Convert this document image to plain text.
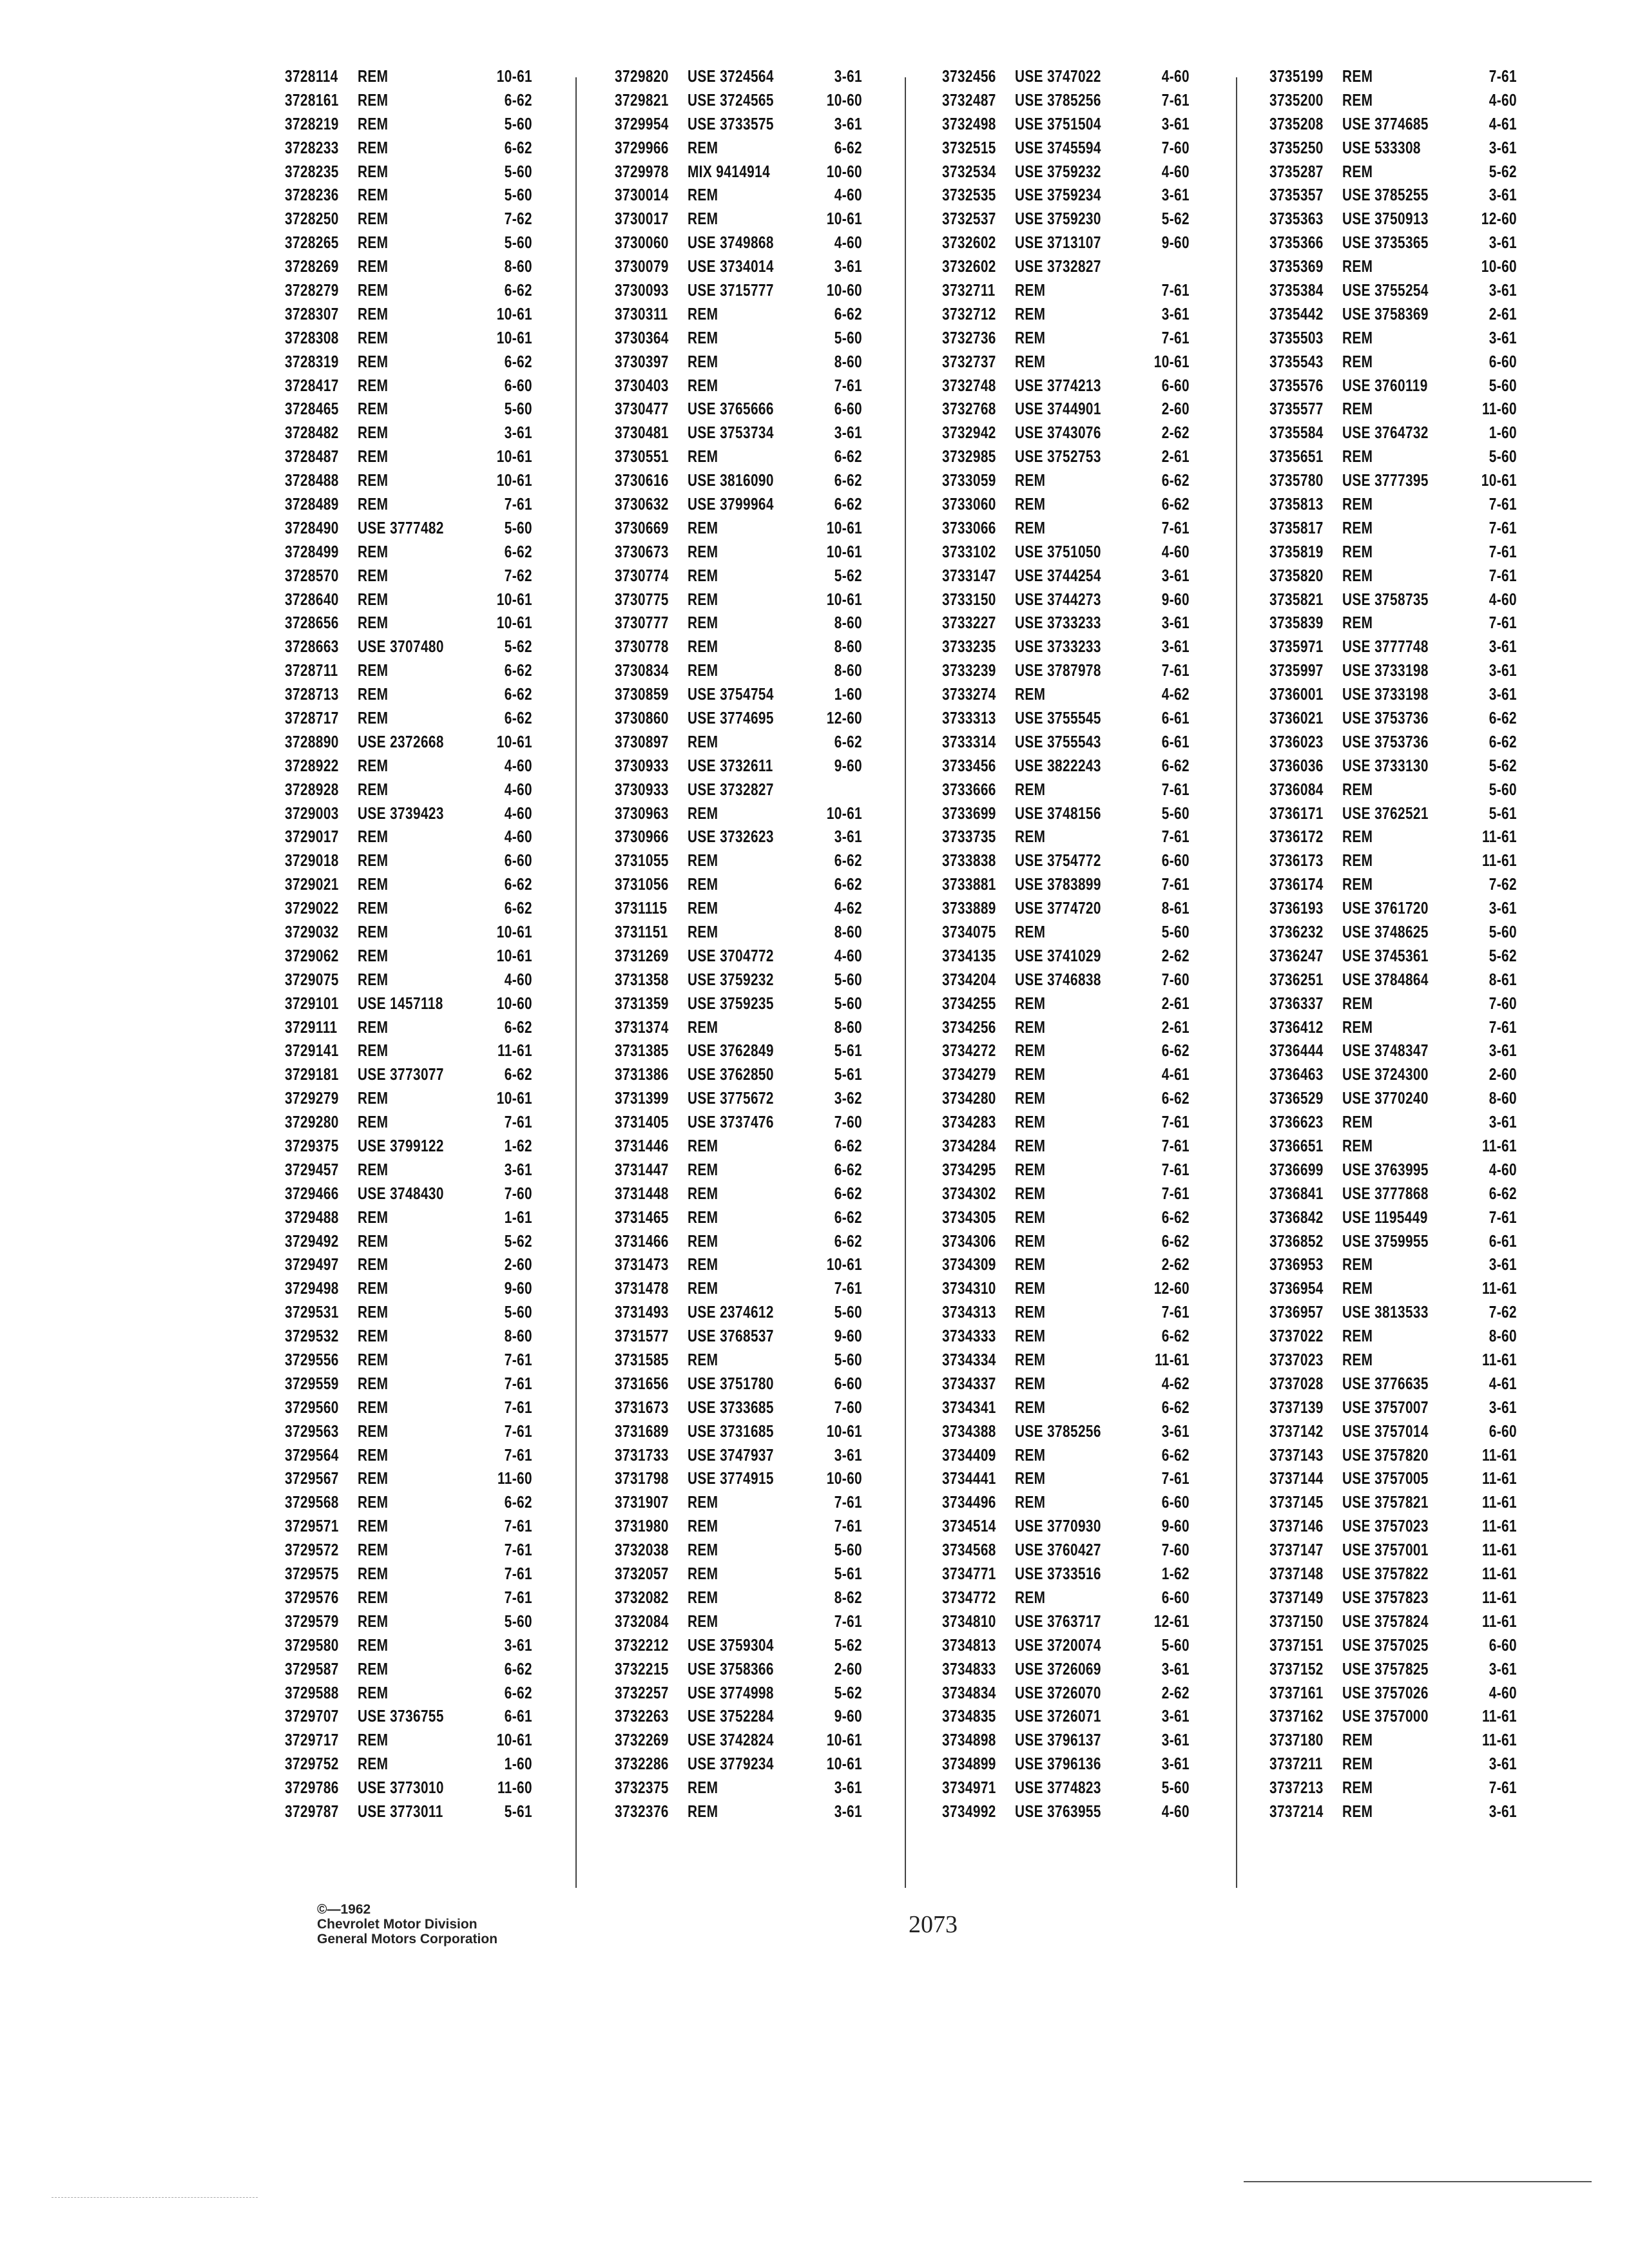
3728114	REM	10-61
3728161	REM	6-62
3728219	REM	5-60
3728233	REM	6-62
3728235	REM	5-60
3728236	REM	5-60
3728250	REM	7-62
3728265	REM	5-60
3728269	REM	8-60
3728279	REM	6-62
3728307	REM	10-61
3728308	REM	10-61
3728319	REM	6-62
3728417	REM	6-60
3728465	REM	5-60
3728482	REM	3-61
3728487	REM	10-61
3728488	REM	10-61
3728489	REM	7-61
3728490	USE 3777482	5-60
3728499	REM	6-62
3728570	REM	7-62
3728640	REM	10-61
3728656	REM	10-61
3728663	USE 3707480	5-62
3728711	REM	6-62
3728713	REM	6-62
3728717	REM	6-62
3728890	USE 2372668	10-61
3728922	REM	4-60
3728928	REM	4-60
3729003	USE 3739423	4-60
3729017	REM	4-60
3729018	REM	6-60
3729021	REM	6-62
3729022	REM	6-62
3729032	REM	10-61
3729062	REM	10-61
3729075	REM	4-60
3729101	USE 1457118	10-60
3729111	REM	6-62
3729141	REM	11-61
3729181	USE 3773077	6-62
3729279	REM	10-61
3729280	REM	7-61
3729375	USE 3799122	1-62
3729457	REM	3-61
3729466	USE 3748430	7-60
3729488	REM	1-61
3729492	REM	5-62
3729497	REM	2-60
3729498	REM	9-60
3729531	REM	5-60
3729532	REM	8-60
3729556	REM	7-61
3729559	REM	7-61
3729560	REM	7-61
3729563	REM	7-61
3729564	REM	7-61
3729567	REM	11-60
3729568	REM	6-62
3729571	REM	7-61
3729572	REM	7-61
3729575	REM	7-61
3729576	REM	7-61
3729579	REM	5-60
3729580	REM	3-61
3729587	REM	6-62
3729588	REM	6-62
3729707	USE 3736755	6-61
3729717	REM	10-61
3729752	REM	1-60
3729786	USE 3773010	11-60
3729787	USE 3773011	5-61
3729820	USE 3724564	3-61
3729821	USE 3724565	10-60
3729954	USE 3733575	3-61
3729966	REM	6-62
3729978	MIX 9414914	10-60
3730014	REM	4-60
3730017	REM	10-61
3730060	USE 3749868	4-60
3730079	USE 3734014	3-61
3730093	USE 3715777	10-60
3730311	REM	6-62
3730364	REM	5-60
3730397	REM	8-60
3730403	REM	7-61
3730477	USE 3765666	6-60
3730481	USE 3753734	3-61
3730551	REM	6-62
3730616	USE 3816090	6-62
3730632	USE 3799964	6-62
3730669	REM	10-61
3730673	REM	10-61
3730774	REM	5-62
3730775	REM	10-61
3730777	REM	8-60
3730778	REM	8-60
3730834	REM	8-60
3730859	USE 3754754	1-60
3730860	USE 3774695	12-60
3730897	REM	6-62
3730933	USE 3732611	9-60
3730933	USE 3732827
3730963	REM	10-61
3730966	USE 3732623	3-61
3731055	REM	6-62
3731056	REM	6-62
3731115	REM	4-62
3731151	REM	8-60
3731269	USE 3704772	4-60
3731358	USE 3759232	5-60
3731359	USE 3759235	5-60
3731374	REM	8-60
3731385	USE 3762849	5-61
3731386	USE 3762850	5-61
3731399	USE 3775672	3-62
3731405	USE 3737476	7-60
3731446	REM	6-62
3731447	REM	6-62
3731448	REM	6-62
3731465	REM	6-62
3731466	REM	6-62
3731473	REM	10-61
3731478	REM	7-61
3731493	USE 2374612	5-60
3731577	USE 3768537	9-60
3731585	REM	5-60
3731656	USE 3751780	6-60
3731673	USE 3733685	7-60
3731689	USE 3731685	10-61
3731733	USE 3747937	3-61
3731798	USE 3774915	10-60
3731907	REM	7-61
3731980	REM	7-61
3732038	REM	5-60
3732057	REM	5-61
3732082	REM	8-62
3732084	REM	7-61
3732212	USE 3759304	5-62
3732215	USE 3758366	2-60
3732257	USE 3774998	5-62
3732263	USE 3752284	9-60
3732269	USE 3742824	10-61
3732286	USE 3779234	10-61
3732375	REM	3-61
3732376	REM	3-61
3732456	USE 3747022	4-60
3732487	USE 3785256	7-61
3732498	USE 3751504	3-61
3732515	USE 3745594	7-60
3732534	USE 3759232	4-60
3732535	USE 3759234	3-61
3732537	USE 3759230	5-62
3732602	USE 3713107	9-60
3732602	USE 3732827
3732711	REM	7-61
3732712	REM	3-61
3732736	REM	7-61
3732737	REM	10-61
3732748	USE 3774213	6-60
3732768	USE 3744901	2-60
3732942	USE 3743076	2-62
3732985	USE 3752753	2-61
3733059	REM	6-62
3733060	REM	6-62
3733066	REM	7-61
3733102	USE 3751050	4-60
3733147	USE 3744254	3-61
3733150	USE 3744273	9-60
3733227	USE 3733233	3-61
3733235	USE 3733233	3-61
3733239	USE 3787978	7-61
3733274	REM	4-62
3733313	USE 3755545	6-61
3733314	USE 3755543	6-61
3733456	USE 3822243	6-62
3733666	REM	7-61
3733699	USE 3748156	5-60
3733735	REM	7-61
3733838	USE 3754772	6-60
3733881	USE 3783899	7-61
3733889	USE 3774720	8-61
3734075	REM	5-60
3734135	USE 3741029	2-62
3734204	USE 3746838	7-60
3734255	REM	2-61
3734256	REM	2-61
3734272	REM	6-62
3734279	REM	4-61
3734280	REM	6-62
3734283	REM	7-61
3734284	REM	7-61
3734295	REM	7-61
3734302	REM	7-61
3734305	REM	6-62
3734306	REM	6-62
3734309	REM	2-62
3734310	REM	12-60
3734313	REM	7-61
3734333	REM	6-62
3734334	REM	11-61
3734337	REM	4-62
3734341	REM	6-62
3734388	USE 3785256	3-61
3734409	REM	6-62
3734441	REM	7-61
3734496	REM	6-60
3734514	USE 3770930	9-60
3734568	USE 3760427	7-60
3734771	USE 3733516	1-62
3734772	REM	6-60
3734810	USE 3763717	12-61
3734813	USE 3720074	5-60
3734833	USE 3726069	3-61
3734834	USE 3726070	2-62
3734835	USE 3726071	3-61
3734898	USE 3796137	3-61
3734899	USE 3796136	3-61
3734971	USE 3774823	5-60
3734992	USE 3763955	4-60
3735199	REM	7-61
3735200	REM	4-60
3735208	USE 3774685	4-61
3735250	USE 533308	3-61
3735287	REM	5-62
3735357	USE 3785255	3-61
3735363	USE 3750913	12-60
3735366	USE 3735365	3-61
3735369	REM	10-60
3735384	USE 3755254	3-61
3735442	USE 3758369	2-61
3735503	REM	3-61
3735543	REM	6-60
3735576	USE 3760119	5-60
3735577	REM	11-60
3735584	USE 3764732	1-60
3735651	REM	5-60
3735780	USE 3777395	10-61
3735813	REM	7-61
3735817	REM	7-61
3735819	REM	7-61
3735820	REM	7-61
3735821	USE 3758735	4-60
3735839	REM	7-61
3735971	USE 3777748	3-61
3735997	USE 3733198	3-61
3736001	USE 3733198	3-61
3736021	USE 3753736	6-62
3736023	USE 3753736	6-62
3736036	USE 3733130	5-62
3736084	REM	5-60
3736171	USE 3762521	5-61
3736172	REM	11-61
3736173	REM	11-61
3736174	REM	7-62
3736193	USE 3761720	3-61
3736232	USE 3748625	5-60
3736247	USE 3745361	5-62
3736251	USE 3784864	8-61
3736337	REM	7-60
3736412	REM	7-61
3736444	USE 3748347	3-61
3736463	USE 3724300	2-60
3736529	USE 3770240	8-60
3736623	REM	3-61
3736651	REM	11-61
3736699	USE 3763995	4-60
3736841	USE 3777868	6-62
3736842	USE 1195449	7-61
3736852	USE 3759955	6-61
3736953	REM	3-61
3736954	REM	11-61
3736957	USE 3813533	7-62
3737022	REM	8-60
3737023	REM	11-61
3737028	USE 3776635	4-61
3737139	USE 3757007	3-61
3737142	USE 3757014	6-60
3737143	USE 3757820	11-61
3737144	USE 3757005	11-61
3737145	USE 3757821	11-61
3737146	USE 3757023	11-61
3737147	USE 3757001	11-61
3737148	USE 3757822	11-61
3737149	USE 3757823	11-61
3737150	USE 3757824	11-61
3737151	USE 3757025	6-60
3737152	USE 3757825	3-61
3737161	USE 3757026	4-60
3737162	USE 3757000	11-61
3737180	REM	11-61
3737211	REM	3-61
3737213	REM	7-61
3737214	REM	3-61
©—1962
Chevrolet Motor Division
General Motors Corporation
2073
